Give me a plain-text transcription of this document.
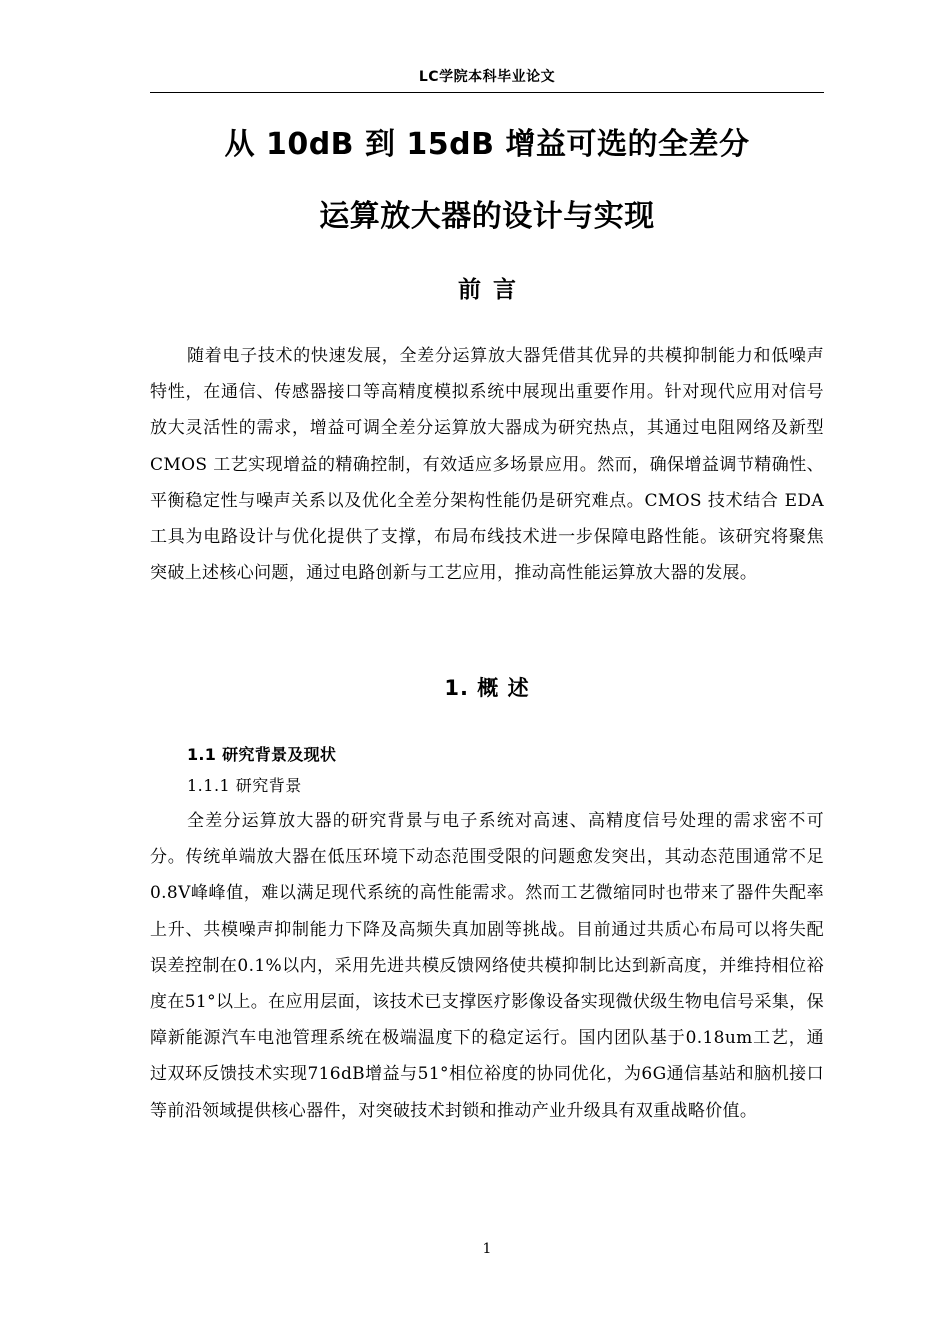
LC学院本科毕业论文
从 10dB 到 15dB 增益可选的全差分
运算放大器的设计与实现
前言

随着电子技术的快速发展，全差分运算放大器凭借其优异的共模抑制能力和低噪声特性，在通信、传感器接口等高精度模拟系统中展现出重要作用。针对现代应用对信号放大灵活性的需求，增益可调全差分运算放大器成为研究热点，其通过电阻网络及新型 CMOS 工艺实现增益的精确控制，有效适应多场景应用。然而，确保增益调节精确性、平衡稳定性与噪声关系以及优化全差分架构性能仍是研究难点。CMOS 技术结合 EDA 工具为电路设计与优化提供了支撑，布局布线技术进一步保障电路性能。该研究将聚焦突破上述核心问题，通过电路创新与工艺应用，推动高性能运算放大器的发展。

1. 概 述
1.1 研究背景及现状
1.1.1 研究背景

全差分运算放大器的研究背景与电子系统对高速、高精度信号处理的需求密不可分。传统单端放大器在低压环境下动态范围受限的问题愈发突出，其动态范围通常不足0.8V峰峰值，难以满足现代系统的高性能需求。然而工艺微缩同时也带来了器件失配率上升、共模噪声抑制能力下降及高频失真加剧等挑战。目前通过共质心布局可以将失配误差控制在0.1%以内，采用先进共模反馈网络使共模抑制比达到新高度，并维持相位裕度在51°以上。在应用层面，该技术已支撑医疗影像设备实现微伏级生物电信号采集，保障新能源汽车电池管理系统在极端温度下的稳定运行。国内团队基于0.18um工艺，通过双环反馈技术实现716dB增益与51°相位裕度的协同优化，为6G通信基站和脑机接口等前沿领域提供核心器件，对突破技术封锁和推动产业升级具有双重战略价值。

1
